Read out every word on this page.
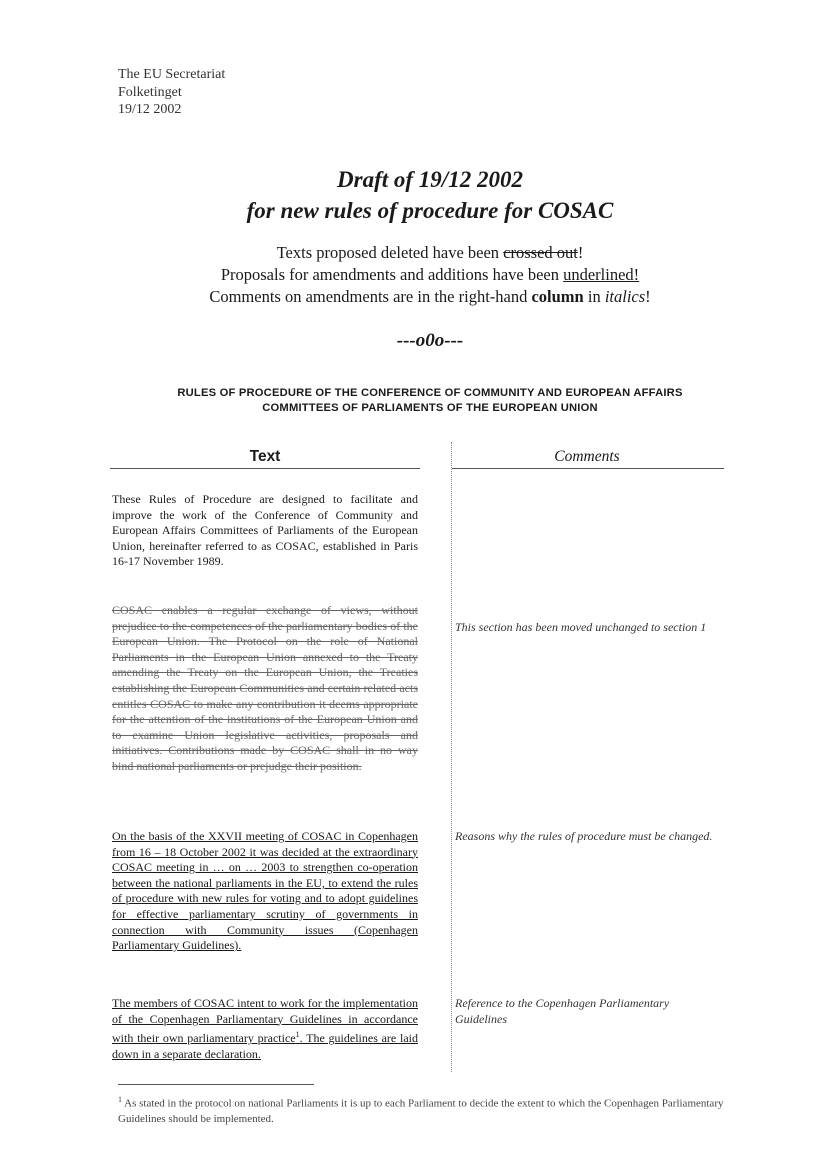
The EU Secretariat
Folketinget
19/12 2002
Draft of 19/12 2002
for new rules of procedure for COSAC
Texts proposed deleted have been crossed out!
Proposals for amendments and additions have been underlined!
Comments on amendments are in the right-hand column in italics!
---o0o---
RULES OF PROCEDURE OF THE CONFERENCE OF COMMUNITY AND EUROPEAN AFFAIRS
COMMITTEES OF PARLIAMENTS OF THE EUROPEAN UNION
Text	Comments
These Rules of Procedure are designed to facilitate and improve the work of the Conference of Community and European Affairs Committees of Parliaments of the European Union, hereinafter referred to as COSAC, established in Paris 16-17 November 1989.
COSAC enables a regular exchange of views, without prejudice to the competences of the parliamentary bodies of the European Union. The Protocol on the role of National Parliaments in the European Union annexed to the Treaty amending the Treaty on the European Union, the Treaties establishing the European Communities and certain related acts entitles COSAC to make any contribution it deems appropriate for the attention of the institutions of the European Union and to examine Union legislative activities, proposals and initiatives. Contributions made by COSAC shall in no way bind national parliaments or prejudge their position.
On the basis of the XXVII meeting of COSAC in Copenhagen from 16 – 18 October 2002 it was decided at the extraordinary COSAC meeting in … on … 2003 to strengthen co-operation between the national parliaments in the EU, to extend the rules of procedure with new rules for voting and to adopt guidelines for effective parliamentary scrutiny of governments in connection with Community issues (Copenhagen Parliamentary Guidelines).
The members of COSAC intent to work for the implementation of the Copenhagen Parliamentary Guidelines in accordance with their own parliamentary practice$^1$. The guidelines are laid down in a separate declaration.
This section has been moved unchanged to section 1
Reasons why the rules of procedure must be changed.
Reference to the Copenhagen Parliamentary Guidelines
$^1$ As stated in the protocol on national Parliaments it is up to each Parliament to decide the extent to which the Copenhagen Parliamentary Guidelines should be implemented.
